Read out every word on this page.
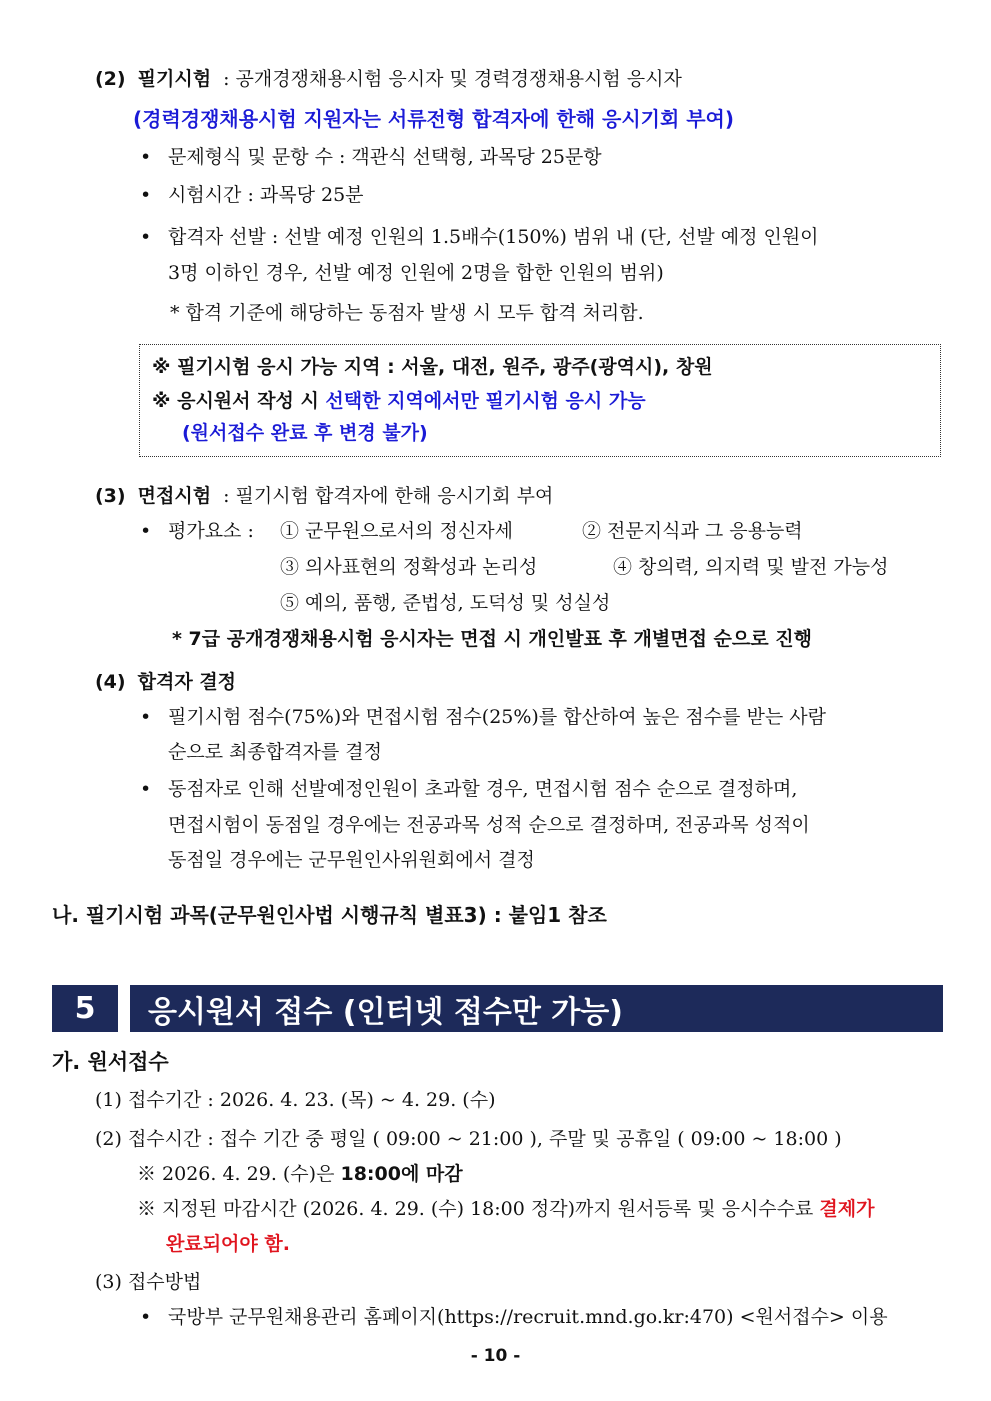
(2) 필기시험 : 공개경쟁채용시험 응시자 및 경력경쟁채용시험 응시자
(경력경쟁채용시험 지원자는 서류전형 합격자에 한해 응시기회 부여)
• 문제형식 및 문항 수 : 객관식 선택형, 과목당 25문항
• 시험시간 : 과목당 25분
• 합격자 선발 : 선발 예정 인원의 1.5배수(150%) 범위 내 (단, 선발 예정 인원이
3명 이하인 경우, 선발 예정 인원에 2명을 합한 인원의 범위)
* 합격 기준에 해당하는 동점자 발생 시 모두 합격 처리함.
※ 필기시험 응시 가능 지역 : 서울, 대전, 원주, 광주(광역시), 창원
※ 응시원서 작성 시 선택한 지역에서만 필기시험 응시 가능
(원서접수 완료 후 변경 불가)
(3) 면접시험 : 필기시험 합격자에 한해 응시기회 부여
• 평가요소 : ① 군무원으로서의 정신자세	② 전문지식과 그 응용능력
③ 의사표현의 정확성과 논리성	④ 창의력, 의지력 및 발전 가능성
⑤ 예의, 품행, 준법성, 도덕성 및 성실성
* 7급 공개경쟁채용시험 응시자는 면접 시 개인발표 후 개별면접 순으로 진행
(4) 합격자 결정
• 필기시험 점수(75%)와 면접시험 점수(25%)를 합산하여 높은 점수를 받는 사람
순으로 최종합격자를 결정
• 동점자로 인해 선발예정인원이 초과할 경우, 면접시험 점수 순으로 결정하며,
면접시험이 동점일 경우에는 전공과목 성적 순으로 결정하며, 전공과목 성적이
동점일 경우에는 군무원인사위원회에서 결정
나. 필기시험 과목(군무원인사법 시행규칙 별표3) : 붙임1 참조
5	응시원서 접수 (인터넷 접수만 가능)
가. 원서접수
(1) 접수기간 : 2026. 4. 23. (목) ~ 4. 29. (수)
(2) 접수시간 : 접수 기간 중 평일 ( 09:00 ~ 21:00 ), 주말 및 공휴일 ( 09:00 ~ 18:00 )
※ 2026. 4. 29. (수)은 18:00에 마감
※ 지정된 마감시간 (2026. 4. 29. (수) 18:00 정각)까지 원서등록 및 응시수수료 결제가
완료되어야 함.
(3) 접수방법
• 국방부 군무원채용관리 홈페이지(https://recruit.mnd.go.kr:470) <원서접수> 이용
- 10 -
